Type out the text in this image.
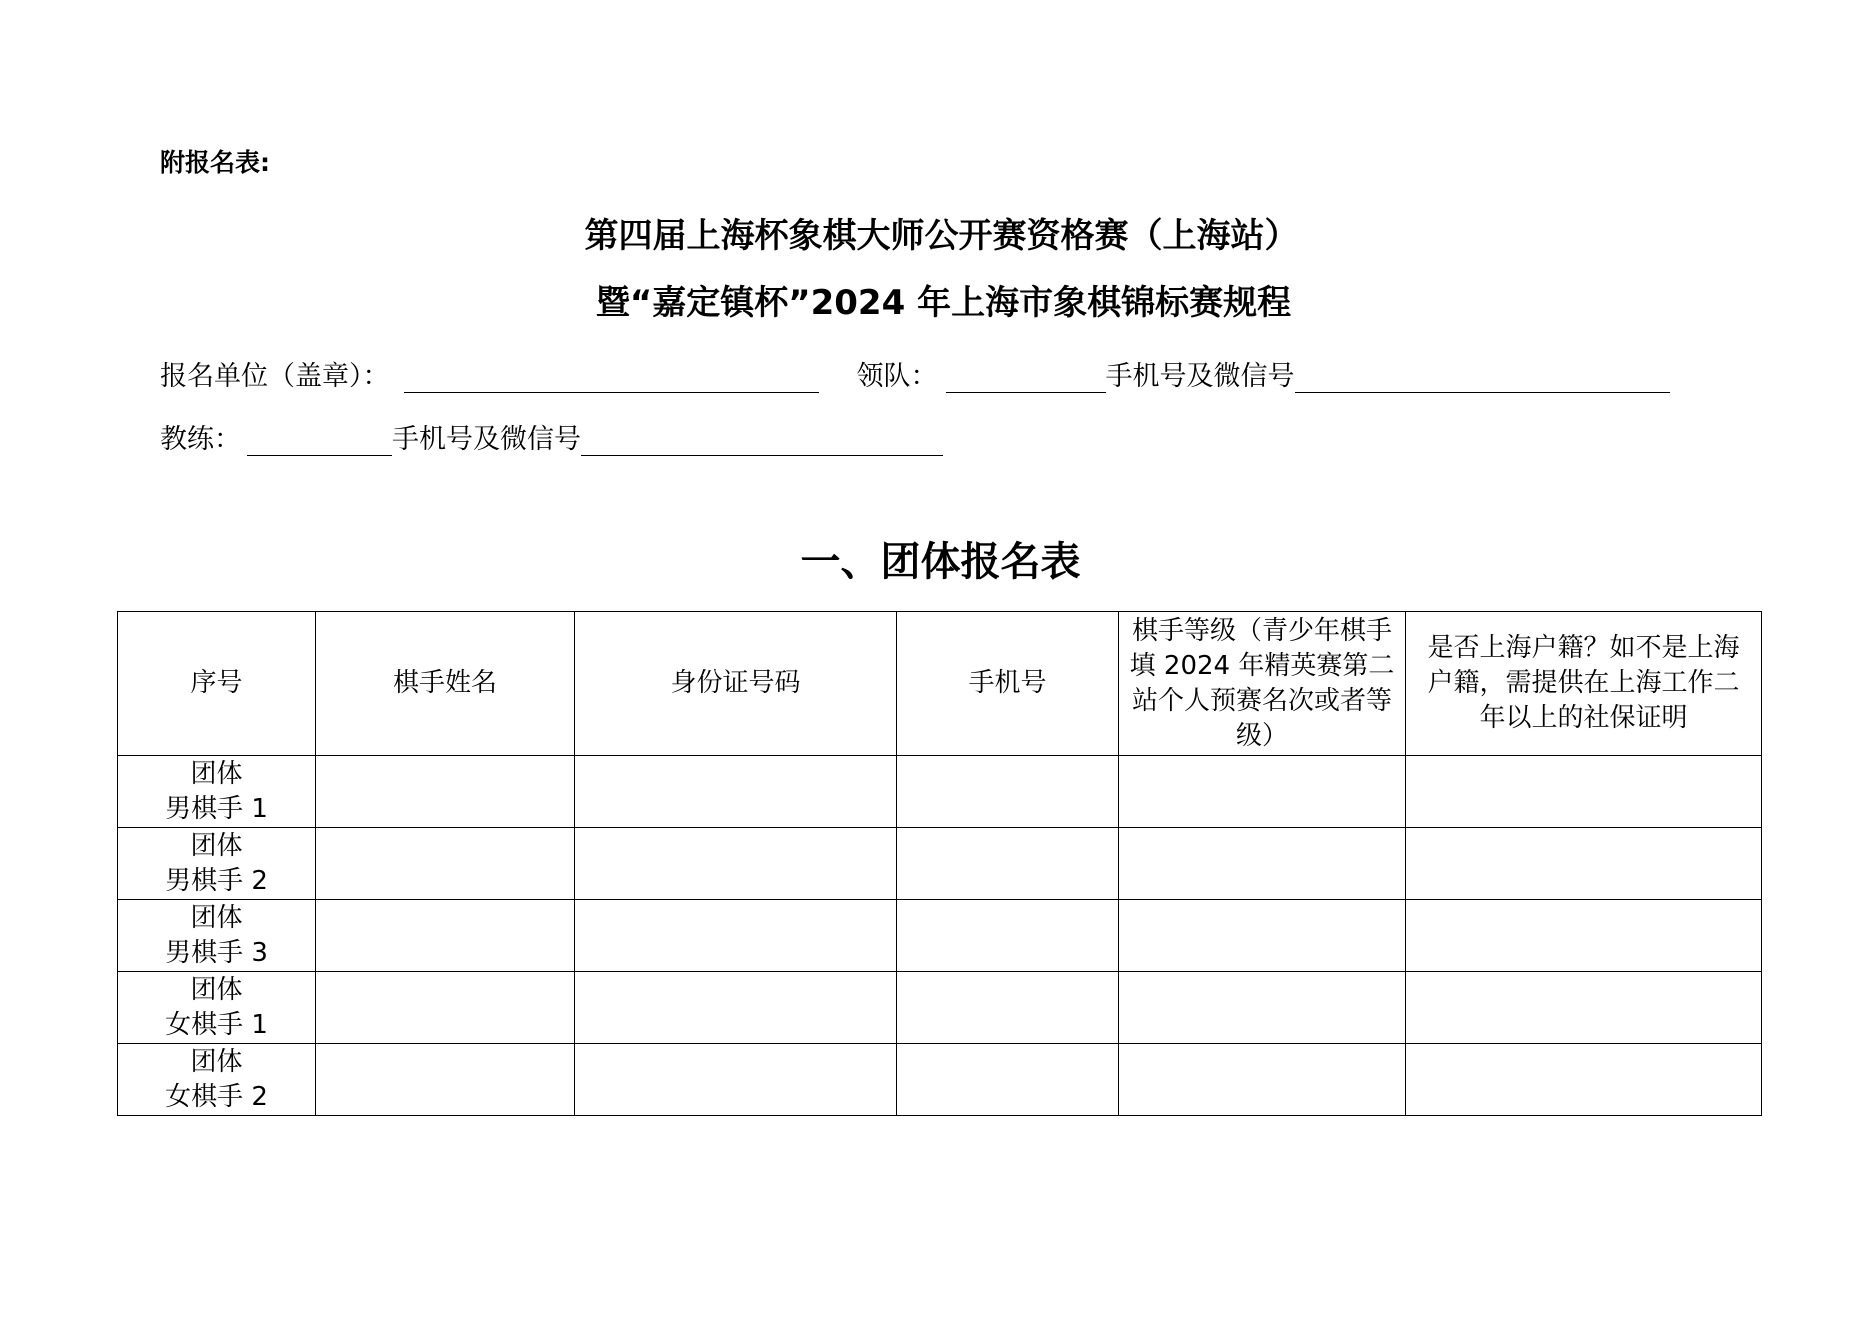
附报名表:
第四届上海杯象棋大师公开赛资格赛（上海站）
暨“嘉定镇杯”2024 年上海市象棋锦标赛规程
报名单位（盖章）：	领队：	手机号及微信号
教练：	手机号及微信号
一、团体报名表
序号	棋手姓名	身份证号码	手机号	棋手等级（青少年棋手填 2024 年精英赛第二站个人预赛名次或者等级）	是否上海户籍？如不是上海户籍，需提供在上海工作二年以上的社保证明

团体
男棋手 1					

团体
男棋手 2					

团体
男棋手 3					

团体
女棋手 1					

团体
女棋手 2					
